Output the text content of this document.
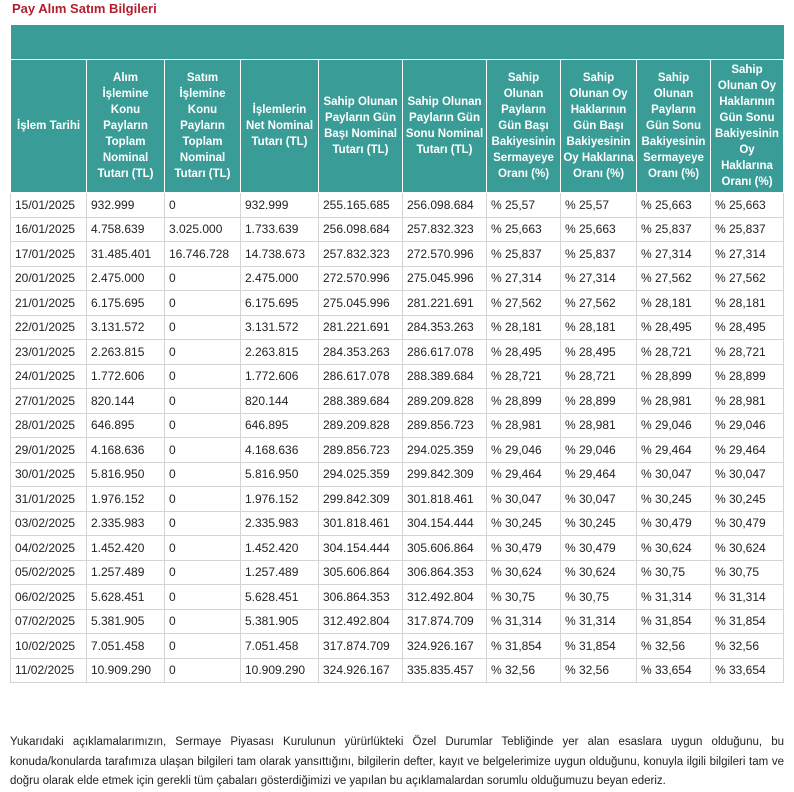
Pay Alım Satım Bilgileri

İşlem Tarihi	Alım İşlemine Konu Payların Toplam Nominal Tutarı (TL)	Satım İşlemine Konu Payların Toplam Nominal Tutarı (TL)	İşlemlerin Net Nominal Tutarı (TL)	Sahip Olunan Payların Gün Başı Nominal Tutarı (TL)	Sahip Olunan Payların Gün Sonu Nominal Tutarı (TL)	Sahip Olunan Payların Gün Başı Bakiyesinin Sermayeye Oranı (%)	Sahip Olunan Oy Haklarının Gün Başı Bakiyesinin Oy Haklarına Oranı (%)	Sahip Olunan Payların Gün Sonu Bakiyesinin Sermayeye Oranı (%)	Sahip Olunan Oy Haklarının Gün Sonu Bakiyesinin Oy Haklarına Oranı (%)
15/01/2025	932.999	0	932.999	255.165.685	256.098.684	% 25,57	% 25,57	% 25,663	% 25,663
16/01/2025	4.758.639	3.025.000	1.733.639	256.098.684	257.832.323	% 25,663	% 25,663	% 25,837	% 25,837
17/01/2025	31.485.401	16.746.728	14.738.673	257.832.323	272.570.996	% 25,837	% 25,837	% 27,314	% 27,314
20/01/2025	2.475.000	0	2.475.000	272.570.996	275.045.996	% 27,314	% 27,314	% 27,562	% 27,562
21/01/2025	6.175.695	0	6.175.695	275.045.996	281.221.691	% 27,562	% 27,562	% 28,181	% 28,181
22/01/2025	3.131.572	0	3.131.572	281.221.691	284.353.263	% 28,181	% 28,181	% 28,495	% 28,495
23/01/2025	2.263.815	0	2.263.815	284.353.263	286.617.078	% 28,495	% 28,495	% 28,721	% 28,721
24/01/2025	1.772.606	0	1.772.606	286.617.078	288.389.684	% 28,721	% 28,721	% 28,899	% 28,899
27/01/2025	820.144	0	820.144	288.389.684	289.209.828	% 28,899	% 28,899	% 28,981	% 28,981
28/01/2025	646.895	0	646.895	289.209.828	289.856.723	% 28,981	% 28,981	% 29,046	% 29,046
29/01/2025	4.168.636	0	4.168.636	289.856.723	294.025.359	% 29,046	% 29,046	% 29,464	% 29,464
30/01/2025	5.816.950	0	5.816.950	294.025.359	299.842.309	% 29,464	% 29,464	% 30,047	% 30,047
31/01/2025	1.976.152	0	1.976.152	299.842.309	301.818.461	% 30,047	% 30,047	% 30,245	% 30,245
03/02/2025	2.335.983	0	2.335.983	301.818.461	304.154.444	% 30,245	% 30,245	% 30,479	% 30,479
04/02/2025	1.452.420	0	1.452.420	304.154.444	305.606.864	% 30,479	% 30,479	% 30,624	% 30,624
05/02/2025	1.257.489	0	1.257.489	305.606.864	306.864.353	% 30,624	% 30,624	% 30,75	% 30,75
06/02/2025	5.628.451	0	5.628.451	306.864.353	312.492.804	% 30,75	% 30,75	% 31,314	% 31,314
07/02/2025	5.381.905	0	5.381.905	312.492.804	317.874.709	% 31,314	% 31,314	% 31,854	% 31,854
10/02/2025	7.051.458	0	7.051.458	317.874.709	324.926.167	% 31,854	% 31,854	% 32,56	% 32,56
11/02/2025	10.909.290	0	10.909.290	324.926.167	335.835.457	% 32,56	% 32,56	% 33,654	% 33,654
Yukarıdaki açıklamalarımızın, Sermaye Piyasası Kurulunun yürürlükteki Özel Durumlar Tebliğinde yer alan esaslara uygun olduğunu, bu konuda/konularda tarafımıza ulaşan bilgileri tam olarak yansıttığını, bilgilerin defter, kayıt ve belgelerimize uygun olduğunu, konuyla ilgili bilgileri tam ve doğru olarak elde etmek için gerekli tüm çabaları gösterdiğimizi ve yapılan bu açıklamalardan sorumlu olduğumuzu beyan ederiz.
